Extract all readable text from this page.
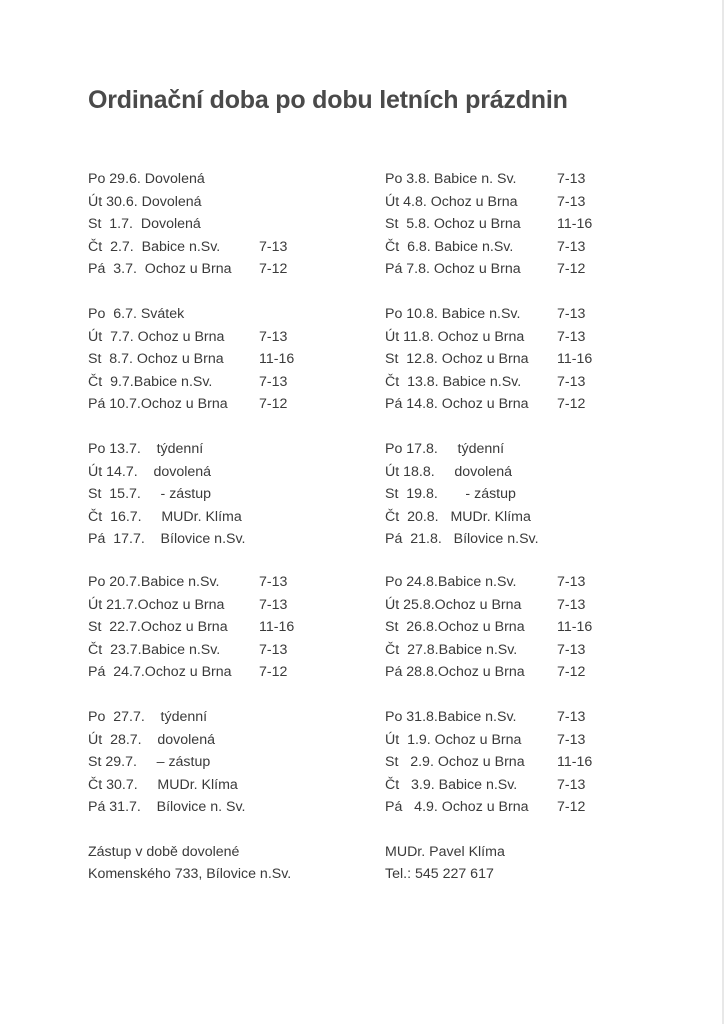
Ordinační doba po dobu letních prázdnin
Po 29.6. Dovolená
Út 30.6. Dovolená
St  1.7.  Dovolená
Čt  2.7.  Babice n.Sv.	7-13
Pá  3.7.  Ochoz u Brna 7-12
Po  6.7. Svátek
Út  7.7. Ochoz u Brna 7-13
St  8.7. Ochoz u Brna 11-16
Čt  9.7.Babice n.Sv.	7-13
Pá 10.7.Ochoz u Brna 7-12
Po 13.7.    týdenní
Út 14.7.    dovolená
St  15.7.     - zástup
Čt  16.7.     MUDr. Klíma
Pá  17.7.    Bílovice n.Sv.
Po 20.7.Babice n.Sv.	7-13
Út 21.7.Ochoz u Brna 7-13
St  22.7.Ochoz u Brna 11-16
Čt  23.7.Babice n.Sv.	7-13
Pá  24.7.Ochoz u Brna 7-12
Po  27.7.    týdenní
Út  28.7.    dovolená
St 29.7.     – zástup
Čt 30.7.     MUDr. Klíma
Pá 31.7.    Bílovice n. Sv.
Po 3.8. Babice n. Sv.	7-13
Út 4.8. Ochoz u Brna	7-13
St  5.8. Ochoz u Brna	11-16
Čt  6.8. Babice n.Sv.	7-13
Pá 7.8. Ochoz u Brna	7-12
Po 10.8. Babice n.Sv.	7-13
Út 11.8. Ochoz u Brna 7-13
St  12.8. Ochoz u Brna 11-16
Čt  13.8. Babice n.Sv.	7-13
Pá 14.8. Ochoz u Brna 7-12
Po 17.8.     týdenní
Út 18.8.     dovolená
St  19.8.       - zástup
Čt  20.8.   MUDr. Klíma
Pá  21.8.   Bílovice n.Sv.
Po 24.8.Babice n.Sv.	7-13
Út 25.8.Ochoz u Brna	7-13
St  26.8.Ochoz u Brna 11-16
Čt  27.8.Babice n.Sv.	7-13
Pá 28.8.Ochoz u Brna 7-12
Po 31.8.Babice n.Sv.	7-13
Út  1.9. Ochoz u Brna	7-13
St   2.9. Ochoz u Brna 11-16
Čt   3.9. Babice n.Sv.	7-13
Pá   4.9. Ochoz u Brna 7-12
Zástup v době dovolené
Komenského 733, Bílovice n.Sv.
MUDr. Pavel Klíma
Tel.: 545 227 617
